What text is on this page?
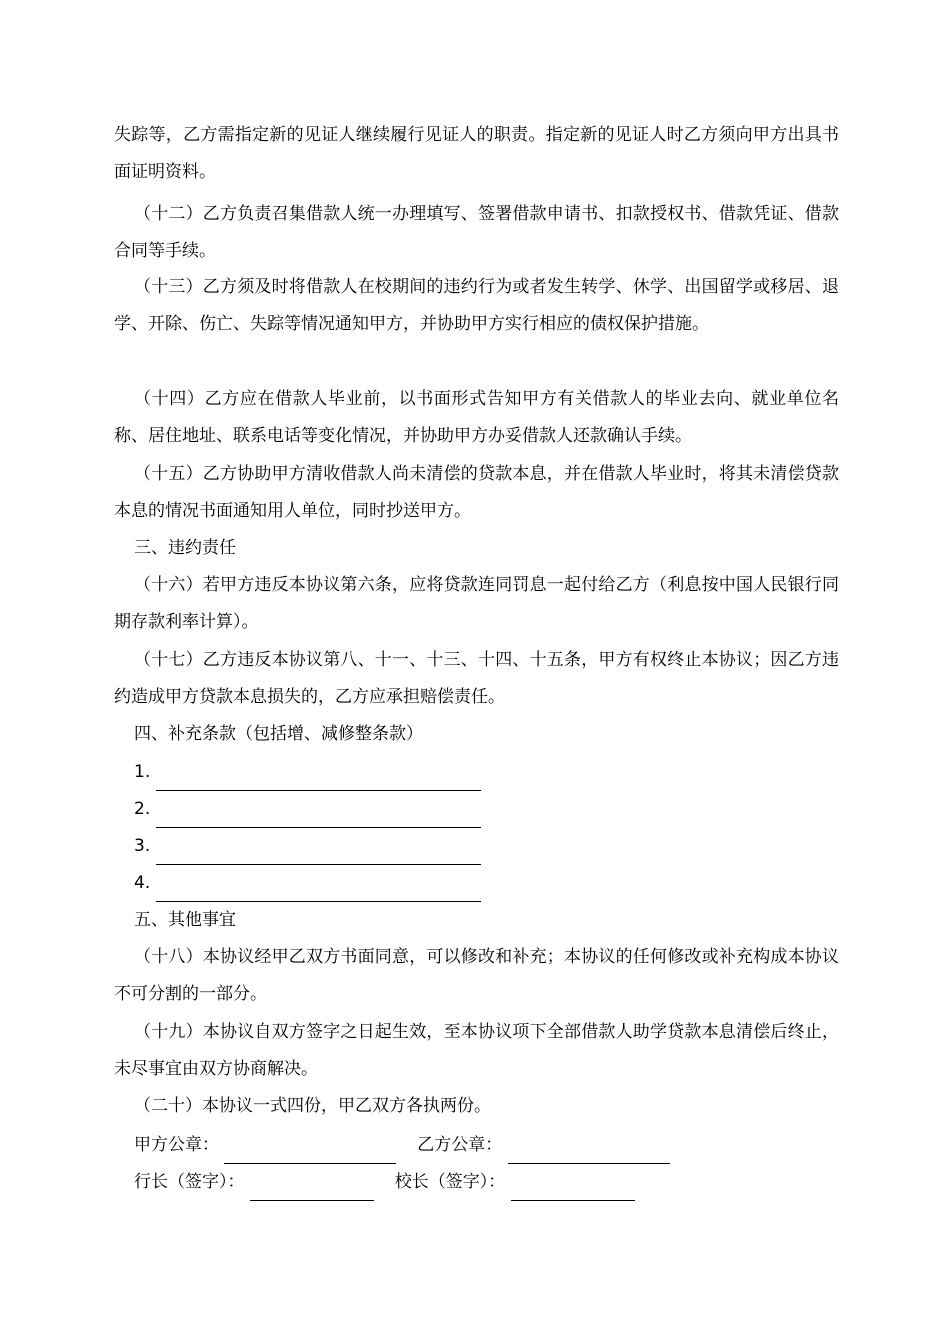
失踪等，乙方需指定新的见证人继续履行见证人的职责。指定新的见证人时乙方须向甲方出具书面证明资料。

（十二）乙方负责召集借款人统一办理填写、签署借款申请书、扣款授权书、借款凭证、借款合同等手续。

（十三）乙方须及时将借款人在校期间的违约行为或者发生转学、休学、出国留学或移居、退学、开除、伤亡、失踪等情况通知甲方，并协助甲方实行相应的债权保护措施。

（十四）乙方应在借款人毕业前，以书面形式告知甲方有关借款人的毕业去向、就业单位名称、居住地址、联系电话等变化情况，并协助甲方办妥借款人还款确认手续。

（十五）乙方协助甲方清收借款人尚未清偿的贷款本息，并在借款人毕业时，将其未清偿贷款本息的情况书面通知用人单位，同时抄送甲方。

三、违约责任

（十六）若甲方违反本协议第六条，应将贷款连同罚息一起付给乙方（利息按中国人民银行同期存款利率计算）。

（十七）乙方违反本协议第八、十一、十三、十四、十五条，甲方有权终止本协议；因乙方违约造成甲方贷款本息损失的，乙方应承担赔偿责任。

四、补充条款（包括增、减修整条款）

1.
2.
3.
4.

五、其他事宜

（十八）本协议经甲乙双方书面同意，可以修改和补充；本协议的任何修改或补充构成本协议不可分割的一部分。

（十九）本协议自双方签字之日起生效，至本协议项下全部借款人助学贷款本息清偿后终止，未尽事宜由双方协商解决。

（二十）本协议一式四份，甲乙双方各执两份。

甲方公章：	乙方公章：
行长（签字）：	校长（签字）：
